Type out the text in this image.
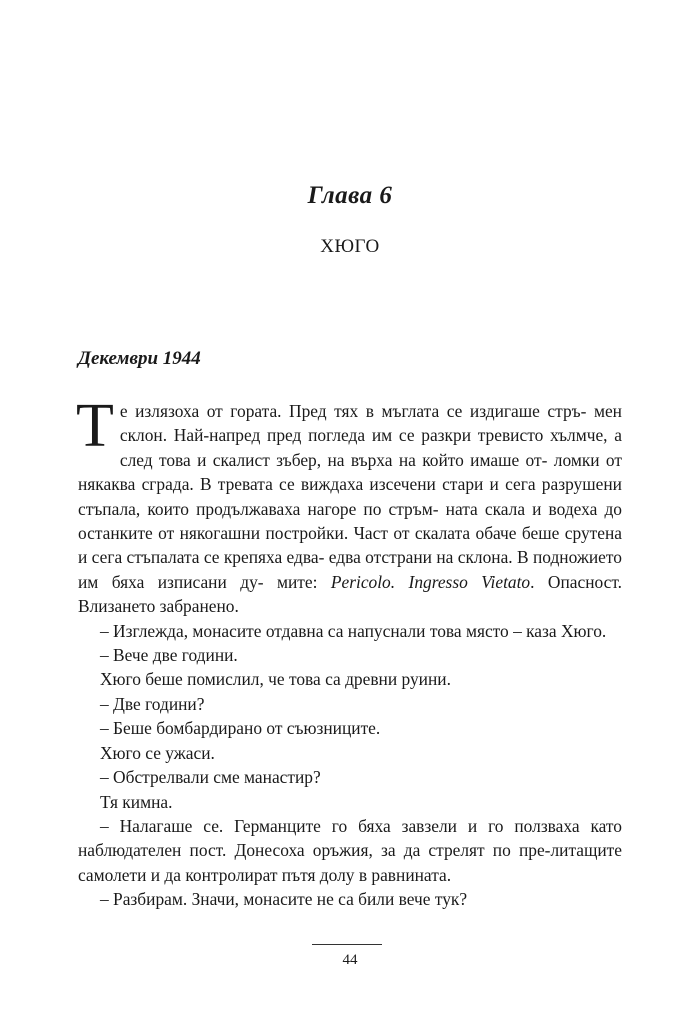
Глава 6
ХЮГО
Декември 1944

Те излязоха от гората. Пред тях в мъглата се издигаше стръ- мен склон. Най-напред пред погледа им се разкри тревисто хълмче, а след това и скалист зъбер, на върха на който имаше от- ломки от някаква сграда. В тревата се виждаха изсечени стари и сега разрушени стъпала, които продължаваха нагоре по стръм- ната скала и водеха до останките от някогашни постройки. Част от скалата обаче беше срутена и сега стъпалата се крепяха едва- едва отстрани на склона. В подножието им бяха изписани ду- мите: Pericolo. Ingresso Vietato. Опасност. Влизането забранено.

– Изглежда, монасите отдавна са напуснали това място – каза Хюго.

– Вече две години.

Хюго беше помислил, че това са древни руини.

– Две години?

– Беше бомбардирано от съюзниците.

Хюго се ужаси.

– Обстрелвали сме манастир?

Тя кимна.

– Налагаше се. Германците го бяха завзели и го ползваха като наблюдателен пост. Донесоха оръжия, за да стрелят по пре-литащите самолети и да контролират пътя долу в равнината.

– Разбирам. Значи, монасите не са били вече тук?

44
